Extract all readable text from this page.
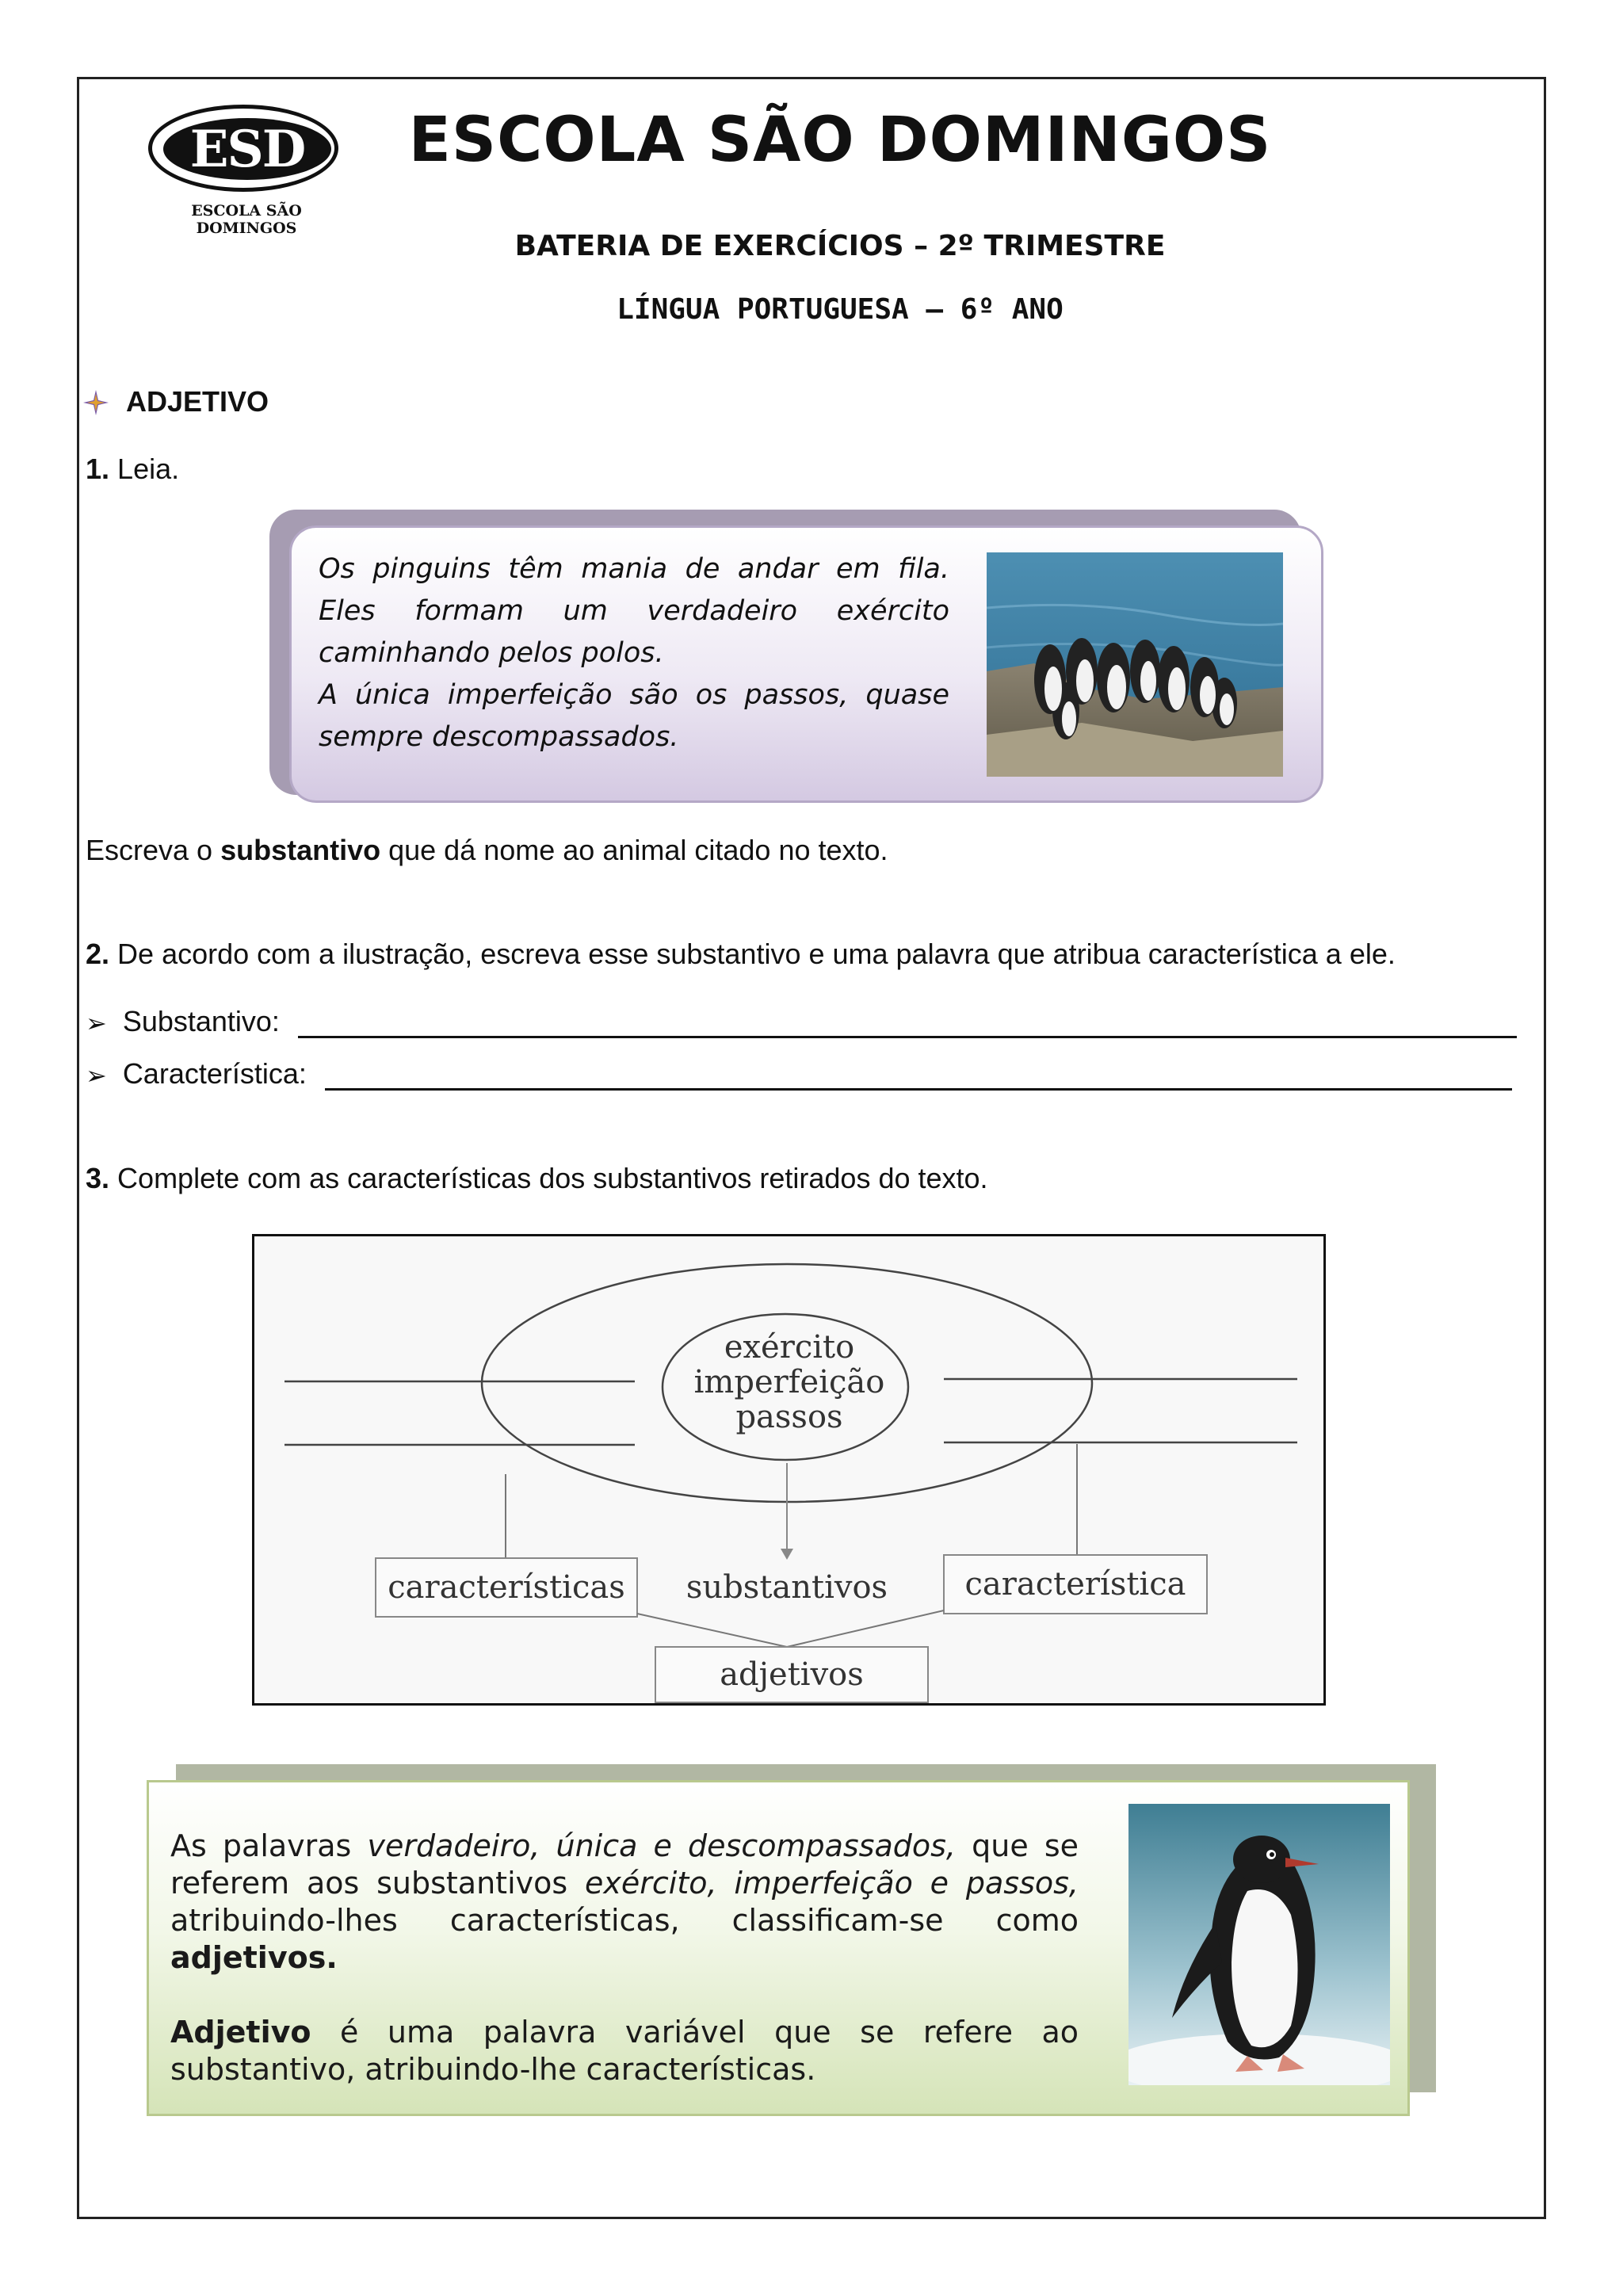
ESD
ESCOLA SÃO DOMINGOS
ESCOLA SÃO DOMINGOS
BATERIA DE EXERCÍCIOS – 2º TRIMESTRE
LÍNGUA PORTUGUESA – 6º ANO
ADJETIVO
1. Leia.

Os pinguins têm mania de andar em fila. Eles formam um verdadeiro exército caminhando pelos polos.

A única imperfeição são os passos, quase sempre descompassados.

Escreva o substantivo que dá nome ao animal citado no texto.
2. De acordo com a ilustração, escreva esse substantivo e uma palavra que atribua característica a ele.
➢ Substantivo:
➢ Característica:
3. Complete com as características dos substantivos retirados do texto.
exército
imperfeição
passos
características substantivos característica
adjetivos

As palavras verdadeiro, única e descompassados, que se referem aos substantivos exército, imperfeição e passos, atribuindo-lhes características, classificam-se como adjetivos.

Adjetivo é uma palavra variável que se refere ao substantivo, atribuindo-lhe características.
